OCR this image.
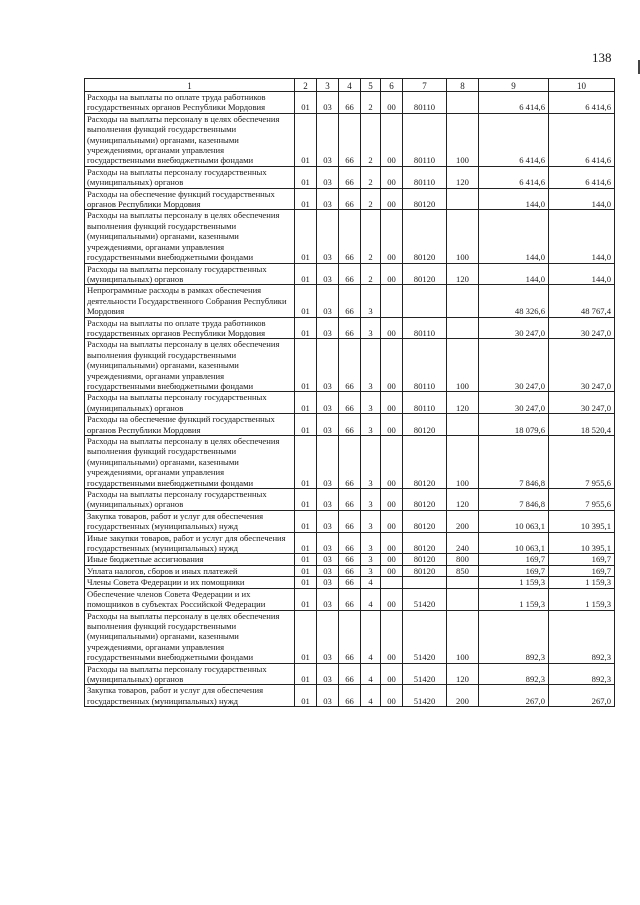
138
1	2	3	4	5	6	7	8	9	10
Расходы на выплаты по оплате труда работников государственных органов Республики Мордовия	01	03	66	2	00	80110		6 414,6	6 414,6
Расходы на выплаты персоналу в целях обеспечения выполнения функций государственными (муниципальными) органами, казенными учреждениями, органами управления государственными внебюджетными фондами	01	03	66	2	00	80110	100	6 414,6	6 414,6
Расходы на выплаты персоналу государственных (муниципальных) органов	01	03	66	2	00	80110	120	6 414,6	6 414,6
Расходы на обеспечение функций государственных органов Республики Мордовия	01	03	66	2	00	80120		144,0	144,0
Расходы на выплаты персоналу в целях обеспечения выполнения функций государственными (муниципальными) органами, казенными учреждениями, органами управления государственными внебюджетными фондами	01	03	66	2	00	80120	100	144,0	144,0
Расходы на выплаты персоналу государственных (муниципальных) органов	01	03	66	2	00	80120	120	144,0	144,0
Непрограммные расходы в рамках обеспечения деятельности Государственного Собрания Республики Мордовия	01	03	66	3				48 326,6	48 767,4
Расходы на выплаты по оплате труда работников государственных органов Республики Мордовия	01	03	66	3	00	80110		30 247,0	30 247,0
Расходы на выплаты персоналу в целях обеспечения выполнения функций государственными (муниципальными) органами, казенными учреждениями, органами управления государственными внебюджетными фондами	01	03	66	3	00	80110	100	30 247,0	30 247,0
Расходы на выплаты персоналу государственных (муниципальных) органов	01	03	66	3	00	80110	120	30 247,0	30 247,0
Расходы на обеспечение функций государственных органов Республики Мордовия	01	03	66	3	00	80120		18 079,6	18 520,4
Расходы на выплаты персоналу в целях обеспечения выполнения функций государственными (муниципальными) органами, казенными учреждениями, органами управления государственными внебюджетными фондами	01	03	66	3	00	80120	100	7 846,8	7 955,6
Расходы на выплаты персоналу государственных (муниципальных) органов	01	03	66	3	00	80120	120	7 846,8	7 955,6
Закупка товаров, работ и услуг для обеспечения государственных (муниципальных) нужд	01	03	66	3	00	80120	200	10 063,1	10 395,1
Иные закупки товаров, работ и услуг для обеспечения государственных (муниципальных) нужд	01	03	66	3	00	80120	240	10 063,1	10 395,1
Иные бюджетные ассигнования	01	03	66	3	00	80120	800	169,7	169,7
Уплата налогов, сборов и иных платежей	01	03	66	3	00	80120	850	169,7	169,7
Члены Совета Федерации и их помощники	01	03	66	4				1 159,3	1 159,3
Обеспечение членов Совета Федерации и их помощников в субъектах Российской Федерации	01	03	66	4	00	51420		1 159,3	1 159,3
Расходы на выплаты персоналу в целях обеспечения выполнения функций государственными (муниципальными) органами, казенными учреждениями, органами управления государственными внебюджетными фондами	01	03	66	4	00	51420	100	892,3	892,3
Расходы на выплаты персоналу государственных (муниципальных) органов	01	03	66	4	00	51420	120	892,3	892,3
Закупка товаров, работ и услуг для обеспечения государственных (муниципальных) нужд	01	03	66	4	00	51420	200	267,0	267,0
